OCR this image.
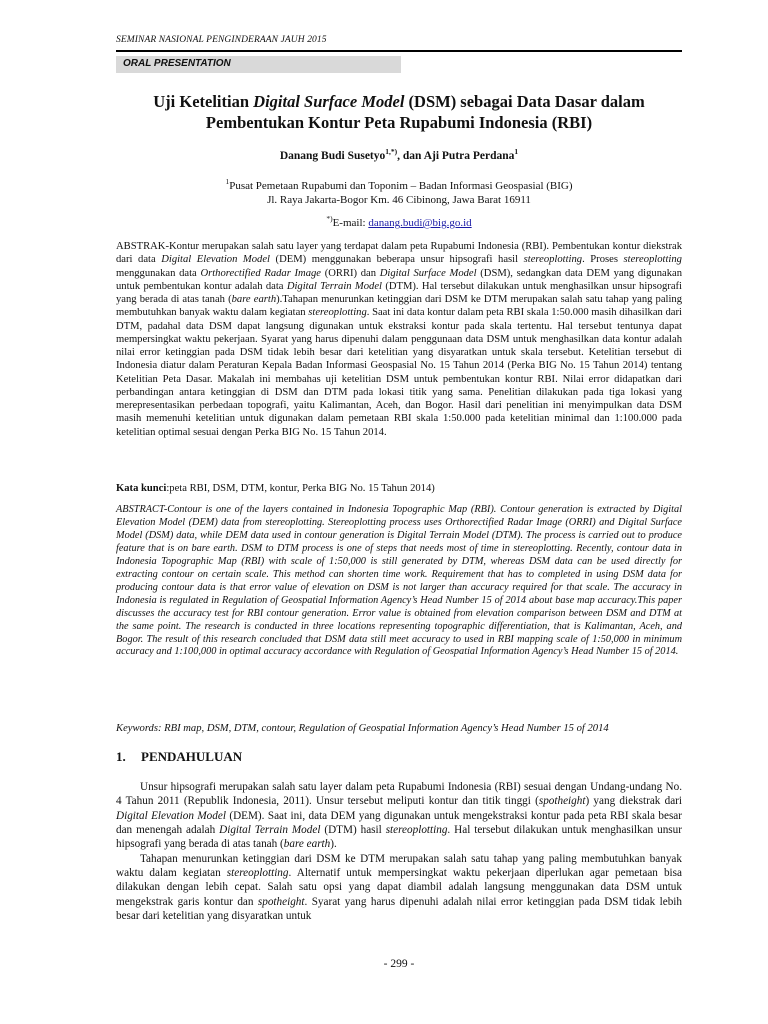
SEMINAR NASIONAL PENGINDERAAN JAUH 2015
ORAL PRESENTATION
Uji Ketelitian Digital Surface Model (DSM) sebagai Data Dasar dalam
Pembentukan Kontur Peta Rupabumi Indonesia (RBI)
Danang Budi Susetyo$^{1,*)}$, dan Aji Putra Perdana$^1$
$^1$Pusat Pemetaan Rupabumi dan Toponim – Badan Informasi Geospasial (BIG)
Jl. Raya Jakarta-Bogor Km. 46 Cibinong, Jawa Barat 16911
*)E-mail: danang.budi@big.go.id

ABSTRAK-Kontur merupakan salah satu layer yang terdapat dalam peta Rupabumi Indonesia (RBI). Pembentukan kontur diekstrak dari data Digital Elevation Model (DEM) menggunakan beberapa unsur hipsografi hasil stereoplotting. Proses stereoplotting menggunakan data Orthorectified Radar Image (ORRI) dan Digital Surface Model (DSM), sedangkan data DEM yang digunakan untuk pembentukan kontur adalah data Digital Terrain Model (DTM). Hal tersebut dilakukan untuk menghasilkan unsur hipsografi yang berada di atas tanah (bare earth).Tahapan menurunkan ketinggian dari DSM ke DTM merupakan salah satu tahap yang paling membutuhkan banyak waktu dalam kegiatan stereoplotting. Saat ini data kontur dalam peta RBI skala 1:50.000 masih dihasilkan dari DTM, padahal data DSM dapat langsung digunakan untuk ekstraksi kontur pada skala tertentu. Hal tersebut tentunya dapat mempersingkat waktu pekerjaan. Syarat yang harus dipenuhi dalam penggunaan data DSM untuk menghasilkan data kontur adalah nilai error ketinggian pada DSM tidak lebih besar dari ketelitian yang disyaratkan untuk skala tersebut. Ketelitian tersebut di Indonesia diatur dalam Peraturan Kepala Badan Informasi Geospasial No. 15 Tahun 2014 (Perka BIG No. 15 Tahun 2014) tentang Ketelitian Peta Dasar. Makalah ini membahas uji ketelitian DSM untuk pembentukan kontur RBI. Nilai error didapatkan dari perbandingan antara ketinggian di DSM dan DTM pada lokasi titik yang sama. Penelitian dilakukan pada tiga lokasi yang merepresentasikan perbedaan topografi, yaitu Kalimantan, Aceh, dan Bogor. Hasil dari penelitian ini menyimpulkan data DSM masih memenuhi ketelitian untuk digunakan dalam pemetaan RBI skala 1:50.000 pada ketelitian minimal dan 1:100.000 pada ketelitian optimal sesuai dengan Perka BIG No. 15 Tahun 2014.

Kata kunci:peta RBI, DSM, DTM, kontur, Perka BIG No. 15 Tahun 2014)

ABSTRACT-Contour is one of the layers contained in Indonesia Topographic Map (RBI). Contour generation is extracted by Digital Elevation Model (DEM) data from stereoplotting. Stereoplotting process uses Orthorectified Radar Image (ORRI) and Digital Surface Model (DSM) data, while DEM data used in contour generation is Digital Terrain Model (DTM). The process is carried out to produce feature that is on bare earth. DSM to DTM process is one of steps that needs most of time in stereoplotting. Recently, contour data in Indonesia Topographic Map (RBI) with scale of 1:50,000 is still generated by DTM, whereas DSM data can be used directly for extracting contour on certain scale. This method can shorten time work. Requirement that has to completed in using DSM data for producing contour data is that error value of elevation on DSM is not larger than accuracy required for that scale. The accuracy in Indonesia is regulated in Regulation of Geospatial Information Agency’s Head Number 15 of 2014 about base map accuracy.This paper discusses the accuracy test for RBI contour generation. Error value is obtained from elevation comparison between DSM and DTM at the same point. The research is conducted in three locations representing topographic differentiation, that is Kalimantan, Aceh, and Bogor. The result of this research concluded that DSM data still meet accuracy to used in RBI mapping scale of 1:50,000 in minimum accuracy and 1:100,000 in optimal accuracy accordance with Regulation of Geospatial Information Agency’s Head Number 15 of 2014.

Keywords: RBI map, DSM, DTM, contour, Regulation of Geospatial Information Agency’s Head Number 15 of 2014
1. PENDAHULUAN

Unsur hipsografi merupakan salah satu layer dalam peta Rupabumi Indonesia (RBI) sesuai dengan Undang-undang No. 4 Tahun 2011 (Republik Indonesia, 2011). Unsur tersebut meliputi kontur dan titik tinggi (spotheight) yang diekstrak dari Digital Elevation Model (DEM). Saat ini, data DEM yang digunakan untuk mengekstraksi kontur pada peta RBI skala besar dan menengah adalah Digital Terrain Model (DTM) hasil stereoplotting. Hal tersebut dilakukan untuk menghasilkan unsur hipsografi yang berada di atas tanah (bare earth).

Tahapan menurunkan ketinggian dari DSM ke DTM merupakan salah satu tahap yang paling membutuhkan banyak waktu dalam kegiatan stereoplotting. Alternatif untuk mempersingkat waktu pekerjaan diperlukan agar pemetaan bisa dilakukan dengan lebih cepat. Salah satu opsi yang dapat diambil adalah langsung menggunakan data DSM untuk mengekstrak garis kontur dan spotheight. Syarat yang harus dipenuhi adalah nilai error ketinggian pada DSM tidak lebih besar dari ketelitian yang disyaratkan untuk

- 299 -
